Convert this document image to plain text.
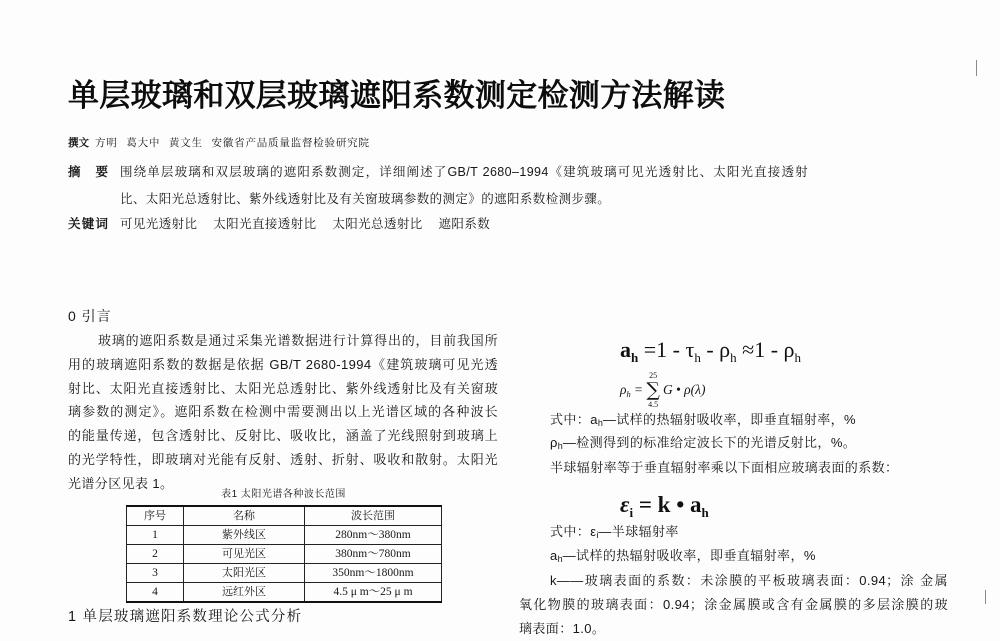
单层玻璃和双层玻璃遮阳系数测定检测方法解读
撰文 方明 葛大中 黄文生 安徽省产品质量监督检验研究院
摘 要 围绕单层玻璃和双层玻璃的遮阳系数测定，详细阐述了GB/T 2680–1994《建筑玻璃可见光透射比、太阳光直接透射
比、太阳光总透射比、紫外线透射比及有关窗玻璃参数的测定》的遮阳系数检测步骤。
关键词 可见光透射比 太阳光直接透射比 太阳光总透射比 遮阳系数
0 引言
玻璃的遮阳系数是通过采集光谱数据进行计算得出的，目前我国所
用的玻璃遮阳系数的数据是依据 GB/T 2680-1994《建筑玻璃可见光透
射比、太阳光直接透射比、太阳光总透射比、紫外线透射比及有关窗玻
璃参数的测定》。遮阳系数在检测中需要测出以上光谱区域的各种波长
的能量传递，包含透射比、反射比、吸收比，涵盖了光线照射到玻璃上
的光学特性，即玻璃对光能有反射、透射、折射、吸收和散射。太阳光
光谱分区见表 1。
表1 太阳光谱各种波长范围
序号	名称	波长范围
1	紫外线区	280nm～380nm
2	可见光区	380nm～780nm
3	太阳光区	350nm～1800nm
4	远红外区	4.5 μ m～25 μ m
1 单层玻璃遮阳系数理论公式分析
$a_h =1 - \tau_h - \rho_h \approx 1 - \rho_h$
$\rho_h$ =
25
∑
4.5
G • ρ(λ)
式中：$a_h—$试样的热辐射吸收率，即垂直辐射率，%
$\rho_h—$检测得到的标准给定波长下的光谱反射比，%。
半球辐射率等于垂直辐射率乘以下面相应玻璃表面的系数：
$\varepsilon_i = k$ • $a_h$
式中：$\varepsilon_i—$半球辐射率
$a_h—$试样的热辐射吸收率，即垂直辐射率，%
k——玻璃表面的系数：未涂膜的平板玻璃表面：0.94；涂 金属
氧化物膜的玻璃表面：0.94；涂金属膜或含有金属膜的多层涂膜的玻
璃表面：1.0。
